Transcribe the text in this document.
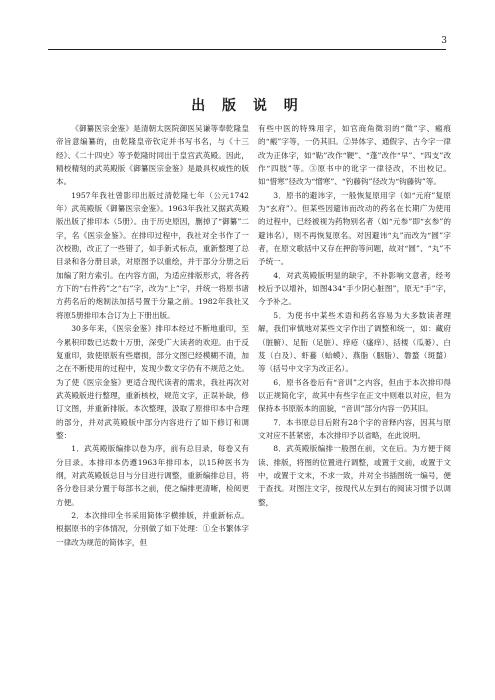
3
出 版 说 明

《御纂医宗金鉴》是清朝太医院御医吴谦等奉乾隆皇帝旨意编纂的，由乾隆皇帝钦定并书写书名，与《十三经》、《二十四史》等予乾隆时同出于皇宫武英殿。因此，精校精刻的武英殿版《御纂医宗金鉴》是最具权威性的版本。

1957年我社曾影印出版过清乾隆七年（公元1742年）武英殿版《御纂医宗金鉴》。1963年我社又据武英殿版出版了排印本（5册）。由于历史原因，删掉了“御纂”二字，名《医宗金鉴》。在排印过程中，我社对全书作了一次校勘，改正了一些错了，如手新式标点，重新整理了总目录和各分册目录，对原图予以重绘，并于部分分册之后加编了附方索引。在内容方面，为适应排版形式，将各药方下的“右件药”之“右”字，改为“上”字，并统一将原书诸方药名后的炮制法加括号置于分量之前。1982年我社又将原5册排印本合订为上下册出版。

30多年来，《医宗金鉴》排印本经过不断地重印，至今累积印数已达数十万册，深受广大读者的欢迎。由于反复重印，致使原版有些磨损，部分文图已经模糊不清，加之在不断使用的过程中，发现少数文字仍有不规范之处。为了使《医宗金鉴》更适合现代读者的需求，我社再次对武英殿版进行整理，重新核校，规范文字，正误补缺，修订文图，并重新排版。本次整理，汲取了原排印本中合理的部分，并对武英殿版中部分内容进行了如下修订和调整：

1．武英殿版编排以卷为序，前有总目录，每卷又有分目录。本排印本仍遵1963年排印本，以15种医书为纲，对武英殿版总目与分目进行调整，重新编排总目，将各分卷目录分置于每部书之前，使之编排更清晰，检阅更方便。

2．本次排印全书采用简体字横排版，并重新标点。根据原书的字体情况，分别做了如下处理：①全书繁体字一律改为规范的简体字，但

有些中医的特殊用字，如官商角徵羽的“徵”字、瘢痕的“瘢”字等，一仍其旧。②异体字、通假字、古今字一律改为正体字，如“䩞”改作“鞕”、“蓬”改作“早”、“四支”改作“四肢”等。③原书中的讹字一律径改，不出校记。如“惜寒”径改为“憎寒”、“钓藤钩”径改为“钩藤钩”等。

3．原书的避讳字，一般恢复原用字（如“元府”复原为“玄府”）。但某些因避讳而改动的药名在长期广为使用的过程中，已经被视为药物别名者（如“元参”即“玄参”的避讳名），则不再恢复原名。对因避讳“丸”而改为“圆”字者，在原文歌括中又存在押韵等问题，故对“圆”、“丸”不予统一。

4．对武英殿版明显的缺字，不补影响文意者，经考校后予以增补，如图434“手少阴心脏图”，原无“手”字，今予补之。

5．为使书中某些术语和药名容易为大多数读者理解，我们审慎地对某些文字作出了调整和统一，如：藏府（脏腑）、足胻（足脏）、痒疮（瘙痒）、括楼（瓜蒌）、白芨（白及）、虾蟇（蛤蟆）、燕脂（胭脂）、磐蝥（斑蝥）等（括号中文字为改正名）。

6．原书各卷后有“音训”之内容，但由于本次排印得以正规简化字，故其中有些字在正文中则难以对应，但为保持本书原版本的面貌，“音训”部分内容一仍其旧。

7．本书原总目后附有28个字的音释内容，因其与原文对应不甚紧密，本次排印予以省略，在此说明。

8．武英殿版编排一般图在前，文在后。为方便于阅读、排版，将图的位置进行调整，或置于文前，或置于文中，或置于文末，不求一致，并对全书插图统一编号，便于查找。对图注文字，按现代从左到右的阅读习惯予以调整，
